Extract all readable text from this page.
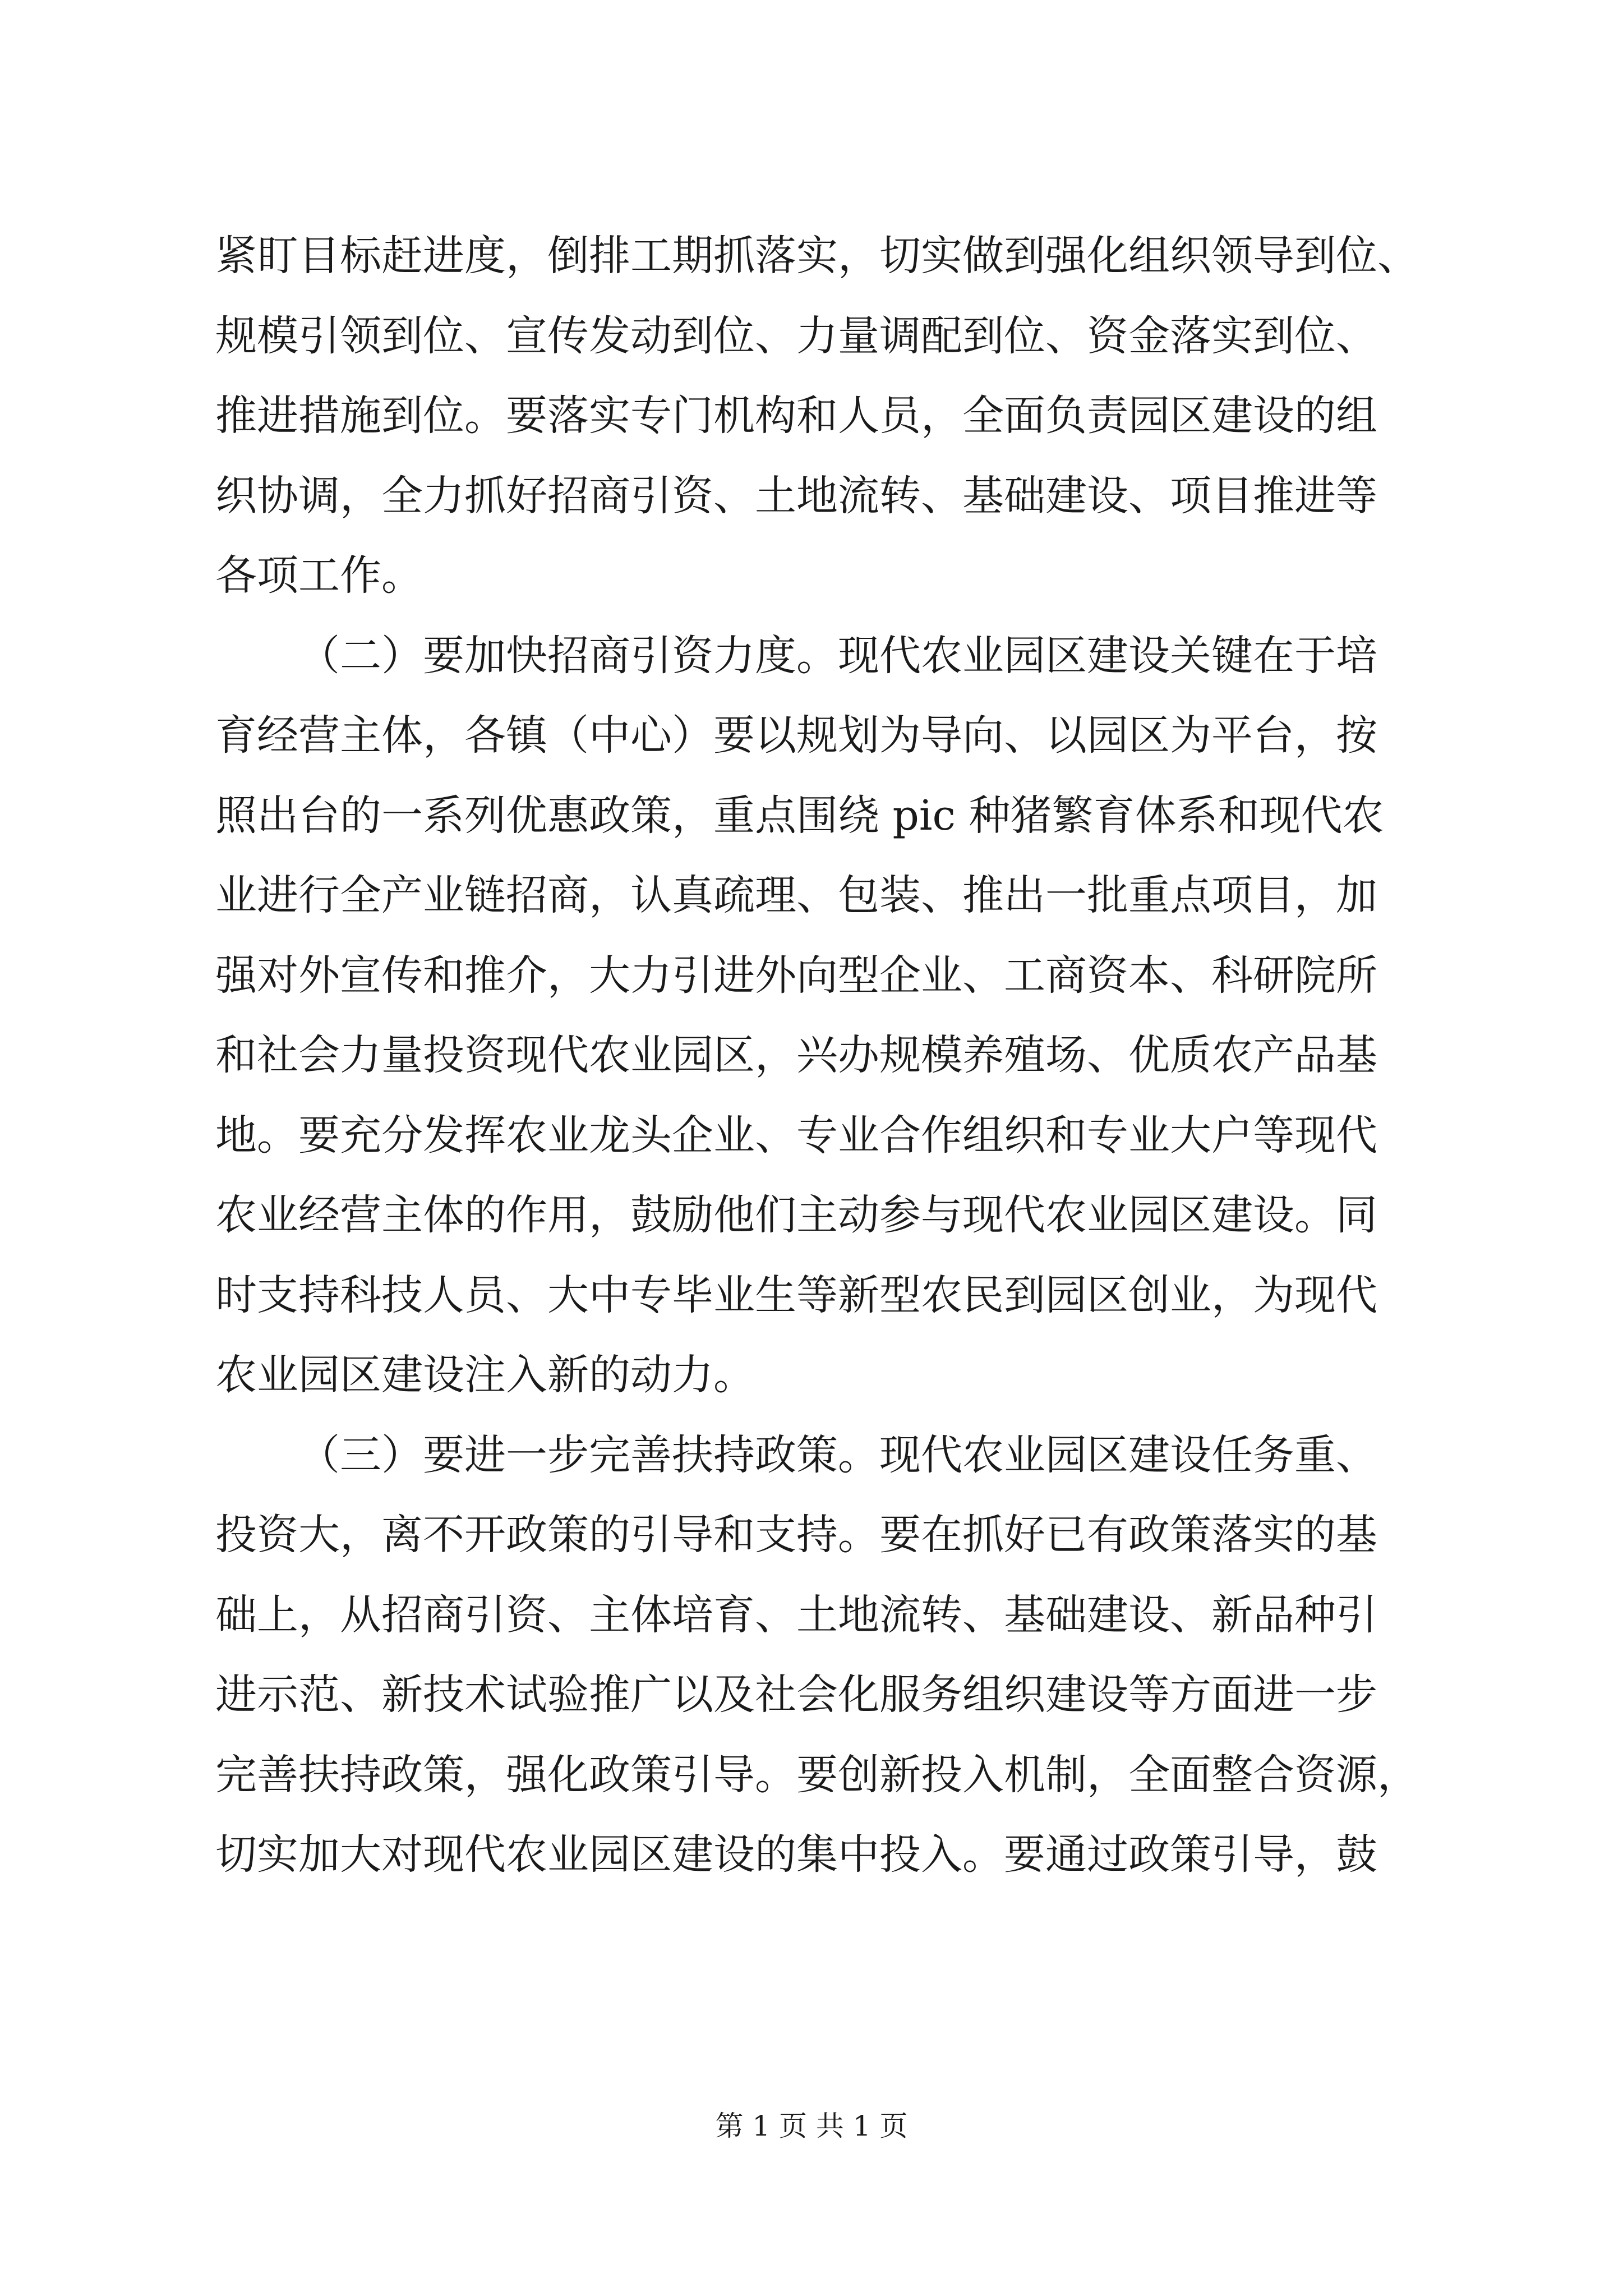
紧盯目标赶进度，倒排工期抓落实，切实做到强化组织领导到位、
规模引领到位、宣传发动到位、力量调配到位、资金落实到位、
推进措施到位。要落实专门机构和人员，全面负责园区建设的组
织协调，全力抓好招商引资、土地流转、基础建设、项目推进等
各项工作。
（二）要加快招商引资力度。现代农业园区建设关键在于培
育经营主体，各镇（中心）要以规划为导向、以园区为平台，按
照出台的一系列优惠政策，重点围绕 pic 种猪繁育体系和现代农
业进行全产业链招商，认真疏理、包装、推出一批重点项目，加
强对外宣传和推介，大力引进外向型企业、工商资本、科研院所
和社会力量投资现代农业园区，兴办规模养殖场、优质农产品基
地。要充分发挥农业龙头企业、专业合作组织和专业大户等现代
农业经营主体的作用，鼓励他们主动参与现代农业园区建设。同
时支持科技人员、大中专毕业生等新型农民到园区创业，为现代
农业园区建设注入新的动力。
（三）要进一步完善扶持政策。现代农业园区建设任务重、
投资大，离不开政策的引导和支持。要在抓好已有政策落实的基
础上，从招商引资、主体培育、土地流转、基础建设、新品种引
进示范、新技术试验推广以及社会化服务组织建设等方面进一步
完善扶持政策，强化政策引导。要创新投入机制，全面整合资源，
切实加大对现代农业园区建设的集中投入。要通过政策引导，鼓
第 1 页 共 1 页
